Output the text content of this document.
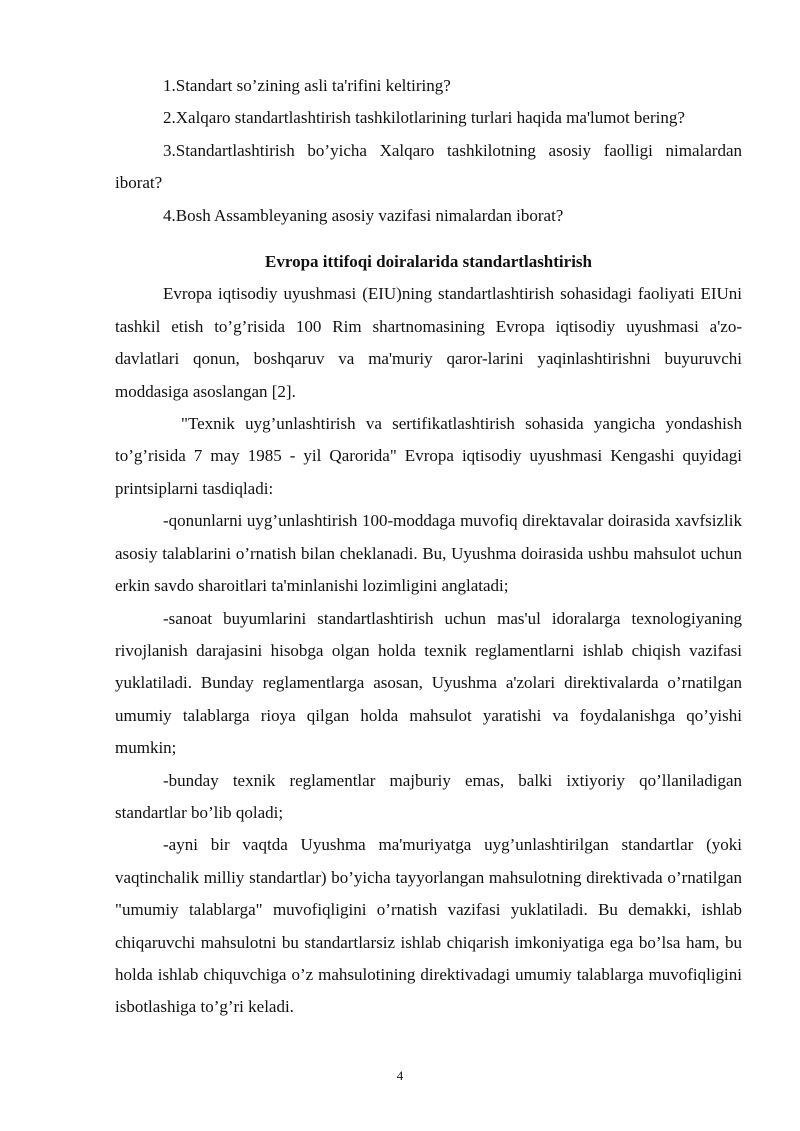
1.Standart so’zining asli ta'rifini keltiring?

2.Xalqaro standartlashtirish tashkilotlarining turlari haqida ma'lumot bering?

3.Standartlashtirish bo’yicha Xalqaro tashkilotning asosiy faolligi nimalardan iborat?

4.Bosh Assambleyaning asosiy vazifasi nimalardan iborat?

Evropa ittifoqi doiralarida standartlashtirish

Evropa iqtisodiy uyushmasi (EIU)ning standartlashtirish sohasidagi faoliyati EIUni tashkil etish to’g’risida 100 Rim shartnomasining Evropa iqtisodiy uyushmasi a'zo-davlatlari qonun, boshqaruv va ma'muriy qaror-larini yaqinlashtirishni buyuruvchi moddasiga asoslangan [2].

"Texnik uyg’unlashtirish va sertifikatlashtirish sohasida yangicha yondashish to’g’risida 7 may 1985 - yil Qarorida" Evropa iqtisodiy uyushmasi Kengashi quyidagi printsiplarni tasdiqladi:

-qonunlarni uyg’unlashtirish 100-moddaga muvofiq direktavalar doirasida xavfsizlik asosiy talablarini o’rnatish bilan cheklanadi. Bu, Uyushma doirasida ushbu mahsulot uchun erkin savdo sharoitlari ta'minlanishi lozimligini anglatadi;

-sanoat buyumlarini standartlashtirish uchun mas'ul idoralarga texnologiyaning rivojlanish darajasini hisobga olgan holda texnik reglamentlarni ishlab chiqish vazifasi yuklatiladi. Bunday reglamentlarga asosan, Uyushma a'zolari direktivalarda o’rnatilgan umumiy talablarga rioya qilgan holda mahsulot yaratishi va foydalanishga qo’yishi mumkin;

-bunday texnik reglamentlar majburiy emas, balki ixtiyoriy qo’llaniladigan standartlar bo’lib qoladi;

-ayni bir vaqtda Uyushma ma'muriyatga uyg’unlashtirilgan standartlar (yoki vaqtinchalik milliy standartlar) bo’yicha tayyorlangan mahsulotning direktivada o’rnatilgan "umumiy talablarga" muvofiqligini o’rnatish vazifasi yuklatiladi. Bu demakki, ishlab chiqaruvchi mahsulotni bu standartlarsiz ishlab chiqarish imkoniyatiga ega bo’lsa ham, bu holda ishlab chiquvchiga o’z mahsulotining direktivadagi umumiy talablarga muvofiqligini isbotlashiga to’g’ri keladi.

4
